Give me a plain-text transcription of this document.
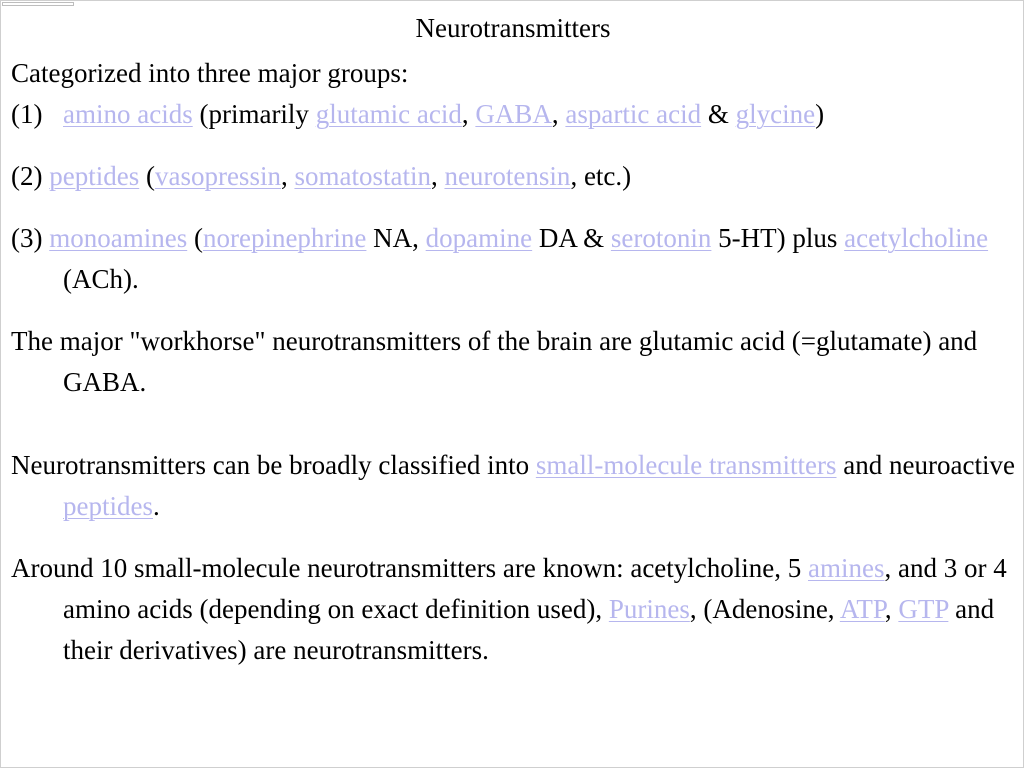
Neurotransmitters

Categorized into three major groups:

(1) amino acids (primarily glutamic acid, GABA, aspartic acid & glycine)

(2) peptides (vasopressin, somatostatin, neurotensin, etc.)

(3) monoamines (norepinephrine NA, dopamine DA & serotonin 5-HT) plus acetylcholine (ACh).

The major "workhorse" neurotransmitters of the brain are glutamic acid (=glutamate) and GABA.

Neurotransmitters can be broadly classified into small-molecule transmitters and neuroactive peptides.

Around 10 small-molecule neurotransmitters are known: acetylcholine, 5 amines, and 3 or 4 amino acids (depending on exact definition used), Purines, (Adenosine, ATP, GTP and their derivatives) are neurotransmitters.
